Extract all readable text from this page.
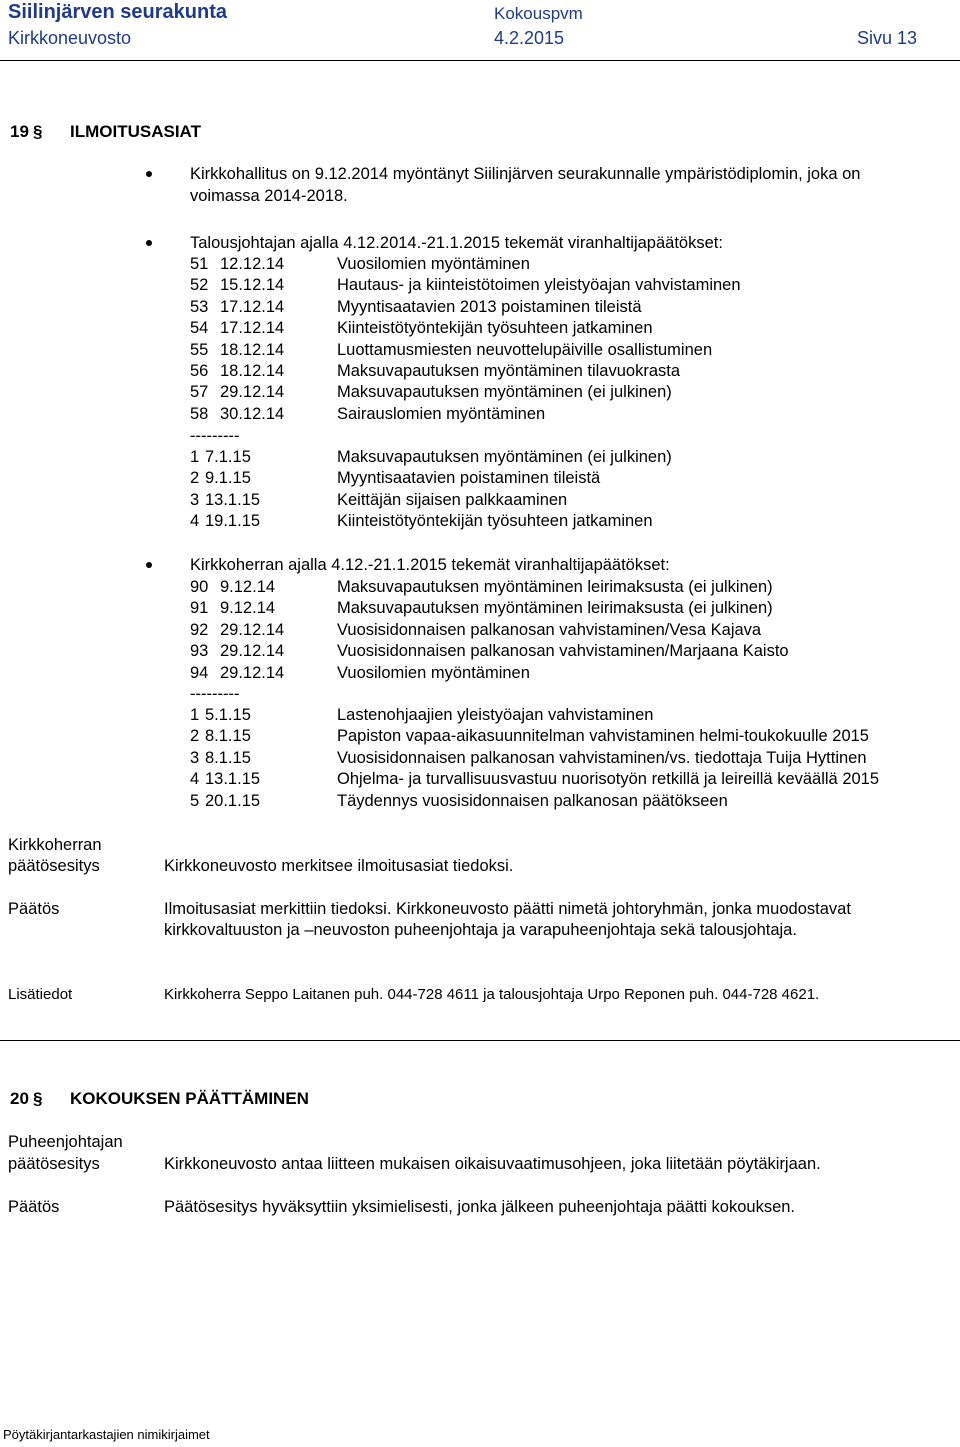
Siilinjärven seurakunta
Kirkkoneuvosto
Kokouspvm
4.2.2015	Sivu 13
19 § ILMOITUSASIAT
Kirkkohallitus on 9.12.2014 myöntänyt Siilinjärven seurakunnalle ympäristödiplomin, joka on
voimassa 2014-2018.
Talousjohtajan ajalla 4.12.2014.-21.1.2015 tekemät viranhaltijapäätökset:
51 12.12.14	Vuosilomien myöntäminen
52 15.12.14	Hautaus- ja kiinteistötoimen yleistyöajan vahvistaminen
53 17.12.14	Myyntisaatavien 2013 poistaminen tileistä
54 17.12.14	Kiinteistötyöntekijän työsuhteen jatkaminen
55 18.12.14	Luottamusmiesten neuvottelupäiville osallistuminen
56 18.12.14	Maksuvapautuksen myöntäminen tilavuokrasta
57 29.12.14	Maksuvapautuksen myöntäminen (ei julkinen)
58 30.12.14	Sairauslomien myöntäminen
---------
1 7.1.15	Maksuvapautuksen myöntäminen (ei julkinen)
2 9.1.15	Myyntisaatavien poistaminen tileistä
3 13.1.15	Keittäjän sijaisen palkkaaminen
4 19.1.15	Kiinteistötyöntekijän työsuhteen jatkaminen
Kirkkoherran ajalla 4.12.-21.1.2015 tekemät viranhaltijapäätökset:
90 9.12.14	Maksuvapautuksen myöntäminen leirimaksusta (ei julkinen)
91 9.12.14	Maksuvapautuksen myöntäminen leirimaksusta (ei julkinen)
92 29.12.14	Vuosisidonnaisen palkanosan vahvistaminen/Vesa Kajava
93 29.12.14	Vuosisidonnaisen palkanosan vahvistaminen/Marjaana Kaisto
94 29.12.14	Vuosilomien myöntäminen
---------
1 5.1.15	Lastenohjaajien yleistyöajan vahvistaminen
2 8.1.15	Papiston vapaa-aikasuunnitelman vahvistaminen helmi-toukokuulle 2015
3 8.1.15	Vuosisidonnaisen palkanosan vahvistaminen/vs. tiedottaja Tuija Hyttinen
4 13.1.15	Ohjelma- ja turvallisuusvastuu nuorisotyön retkillä ja leireillä keväällä 2015
5 20.1.15	Täydennys vuosisidonnaisen palkanosan päätökseen
Kirkkoherran
päätösesitys	Kirkkoneuvosto merkitsee ilmoitusasiat tiedoksi.
Päätös	Ilmoitusasiat merkittiin tiedoksi. Kirkkoneuvosto päätti nimetä johtoryhmän, jonka muodostavat
kirkkovaltuuston ja –neuvoston puheenjohtaja ja varapuheenjohtaja sekä talousjohtaja.
Lisätiedot	Kirkkoherra Seppo Laitanen puh. 044-728 4611 ja talousjohtaja Urpo Reponen puh. 044-728 4621.
20 § KOKOUKSEN PÄÄTTÄMINEN
Puheenjohtajan
päätösesitys	Kirkkoneuvosto antaa liitteen mukaisen oikaisuvaatimusohjeen, joka liitetään pöytäkirjaan.
Päätös	Päätösesitys hyväksyttiin yksimielisesti, jonka jälkeen puheenjohtaja päätti kokouksen.
Pöytäkirjantarkastajien nimikirjaimet
